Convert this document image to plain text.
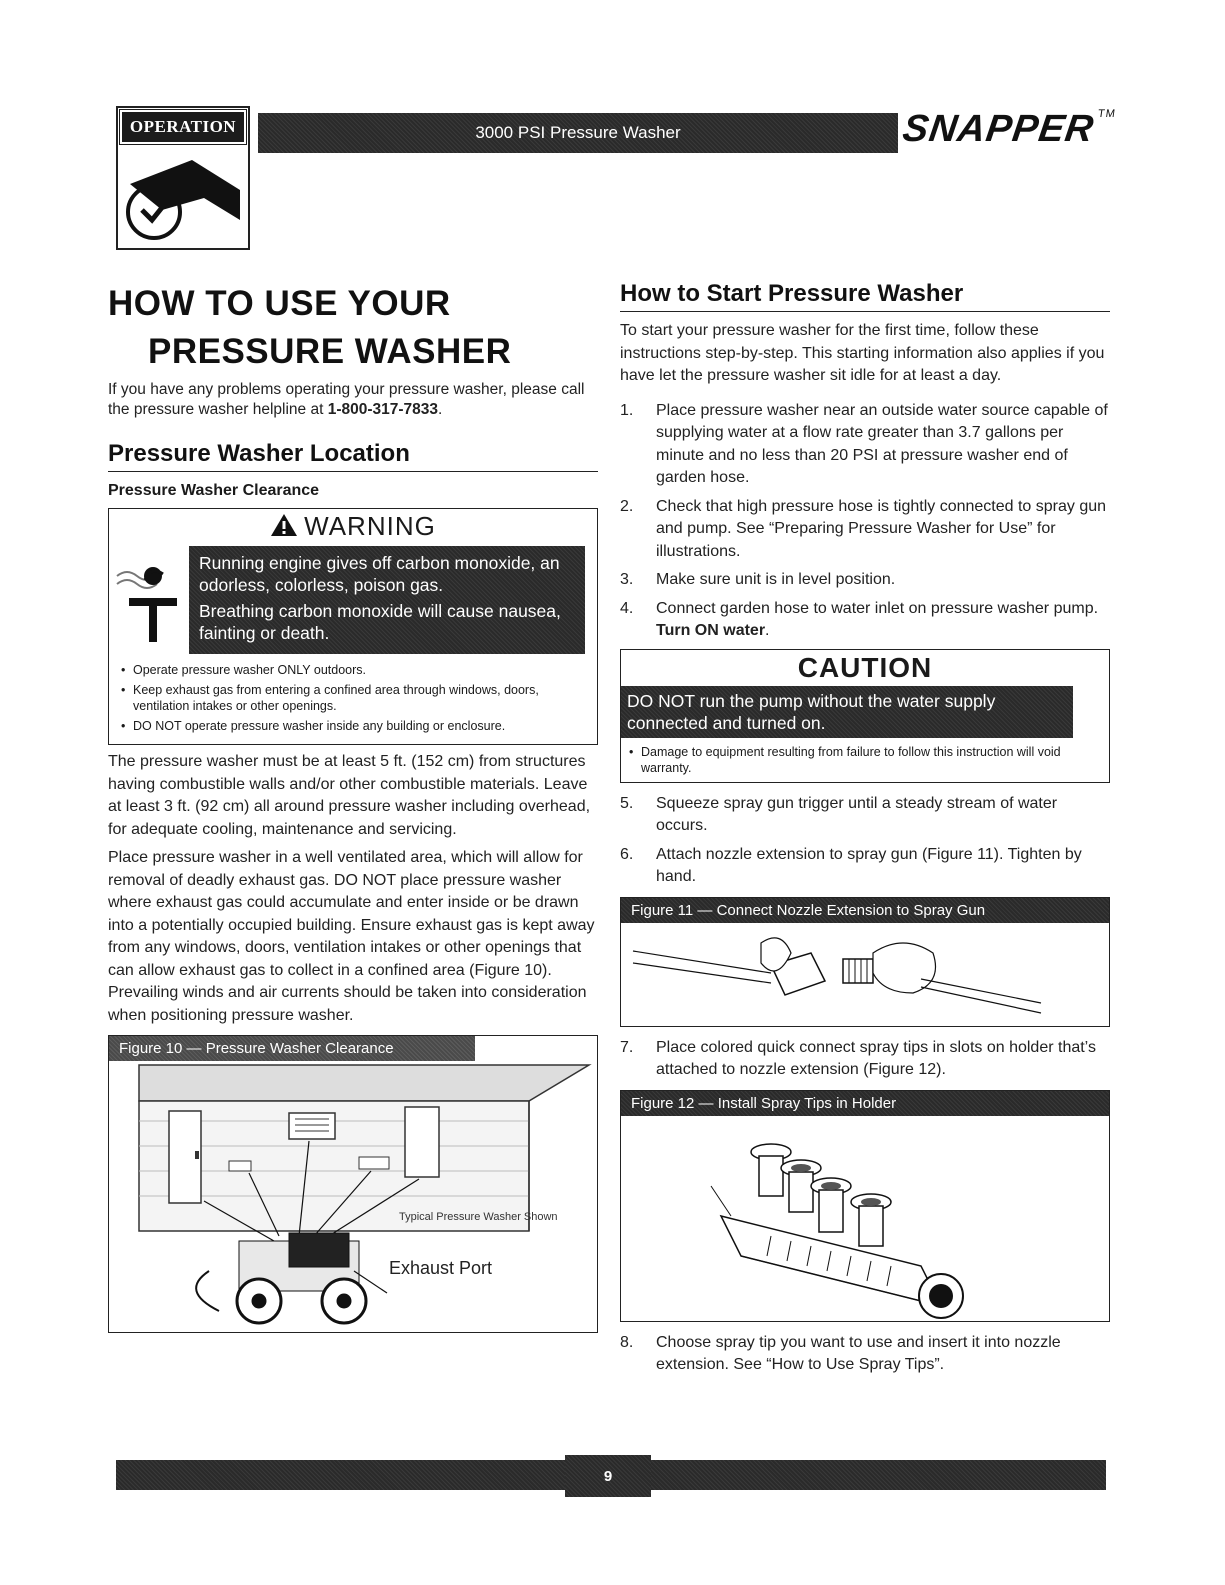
OPERATION	3000 PSI Pressure Washer	SNAPPER™
HOW TO USE YOUR
PRESSURE WASHER

If you have any problems operating your pressure washer, please call the pressure washer helpline at 1-800-317-7833.

Pressure Washer Location
Pressure Washer Clearance
WARNING

Running engine gives off carbon monoxide, an odorless, colorless, poison gas.

Breathing carbon monoxide will cause nausea, fainting or death.

• Operate pressure washer ONLY outdoors.
• Keep exhaust gas from entering a confined area through windows, doors, ventilation intakes or other openings.
• DO NOT operate pressure washer inside any building or enclosure.

The pressure washer must be at least 5 ft. (152 cm) from structures having combustible walls and/or other combustible materials. Leave at least 3 ft. (92 cm) all around pressure washer including overhead, for adequate cooling, maintenance and servicing.

Place pressure washer in a well ventilated area, which will allow for removal of deadly exhaust gas. DO NOT place pressure washer where exhaust gas could accumulate and enter inside or be drawn into a potentially occupied building. Ensure exhaust gas is kept away from any windows, doors, ventilation intakes or other openings that can allow exhaust gas to collect in a confined area (Figure 10). Prevailing winds and air currents should be taken into consideration when positioning pressure washer.

Figure 10 — Pressure Washer Clearance
Typical Pressure Washer Shown
Exhaust Port
How to Start Pressure Washer

To start your pressure washer for the first time, follow these instructions step-by-step. This starting information also applies if you have let the pressure washer sit idle for at least a day.

1.	Place pressure washer near an outside water source capable of supplying water at a flow rate greater than 3.7 gallons per minute and no less than 20 PSI at pressure washer end of garden hose.
2.	Check that high pressure hose is tightly connected to spray gun and pump. See “Preparing Pressure Washer for Use” for illustrations.
3.	Make sure unit is in level position.
4.	Connect garden hose to water inlet on pressure washer pump. Turn ON water.
CAUTION
DO NOT run the pump without the water supply connected and turned on.
• Damage to equipment resulting from failure to follow this instruction will void warranty.
5.	Squeeze spray gun trigger until a steady stream of water occurs.
6.	Attach nozzle extension to spray gun (Figure 11). Tighten by hand.
Figure 11 — Connect Nozzle Extension to Spray Gun
7.	Place colored quick connect spray tips in slots on holder that’s attached to nozzle extension (Figure 12).
Figure 12 — Install Spray Tips in Holder
8.	Choose spray tip you want to use and insert it into nozzle extension. See “How to Use Spray Tips”.
9
